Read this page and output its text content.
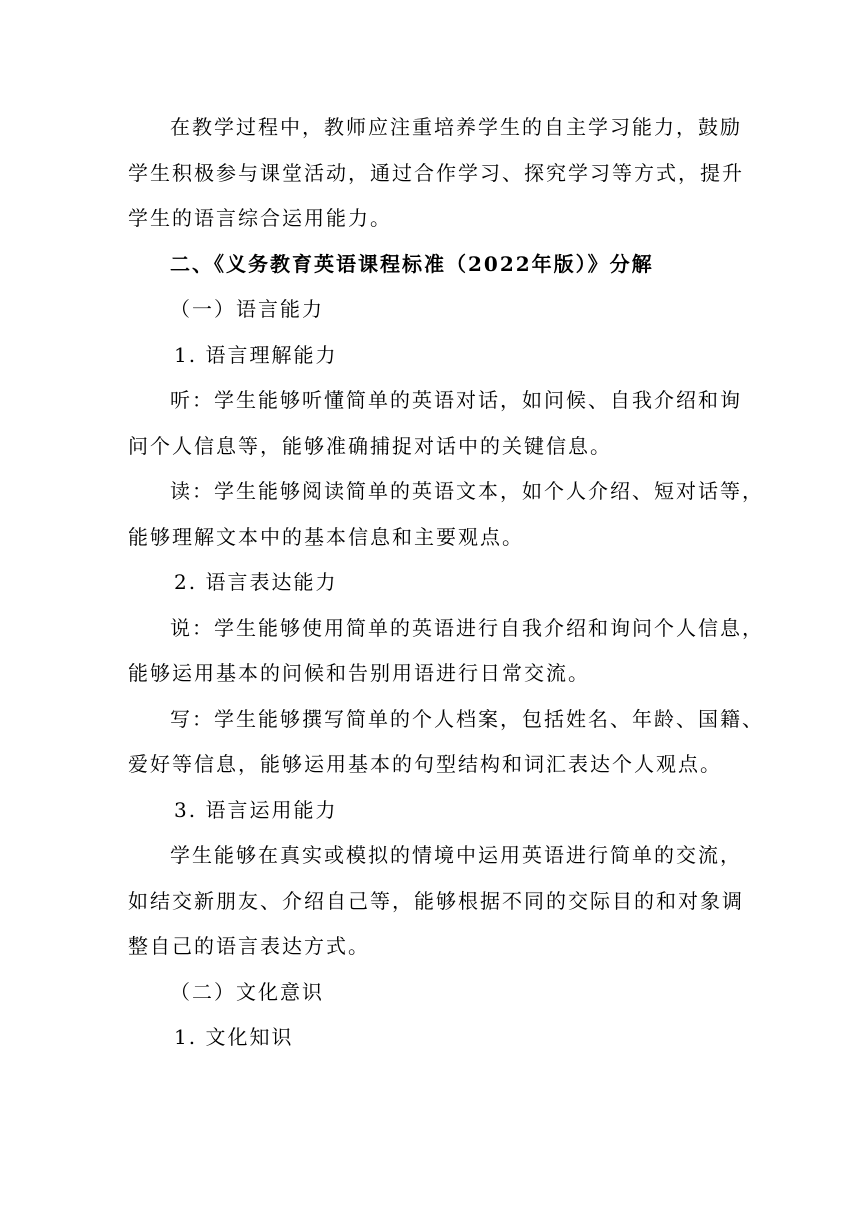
在教学过程中，教师应注重培养学生的自主学习能力，鼓励
学生积极参与课堂活动，通过合作学习、探究学习等方式，提升
学生的语言综合运用能力。
二、《义务教育英语课程标准（2022年版）》分解
（一）语言能力
1. 语言理解能力
听：学生能够听懂简单的英语对话，如问候、自我介绍和询
问个人信息等，能够准确捕捉对话中的关键信息。
读：学生能够阅读简单的英语文本，如个人介绍、短对话等，
能够理解文本中的基本信息和主要观点。
2. 语言表达能力
说：学生能够使用简单的英语进行自我介绍和询问个人信息，
能够运用基本的问候和告别用语进行日常交流。
写：学生能够撰写简单的个人档案，包括姓名、年龄、国籍、
爱好等信息，能够运用基本的句型结构和词汇表达个人观点。
3. 语言运用能力
学生能够在真实或模拟的情境中运用英语进行简单的交流，
如结交新朋友、介绍自己等，能够根据不同的交际目的和对象调
整自己的语言表达方式。
（二）文化意识
1. 文化知识
